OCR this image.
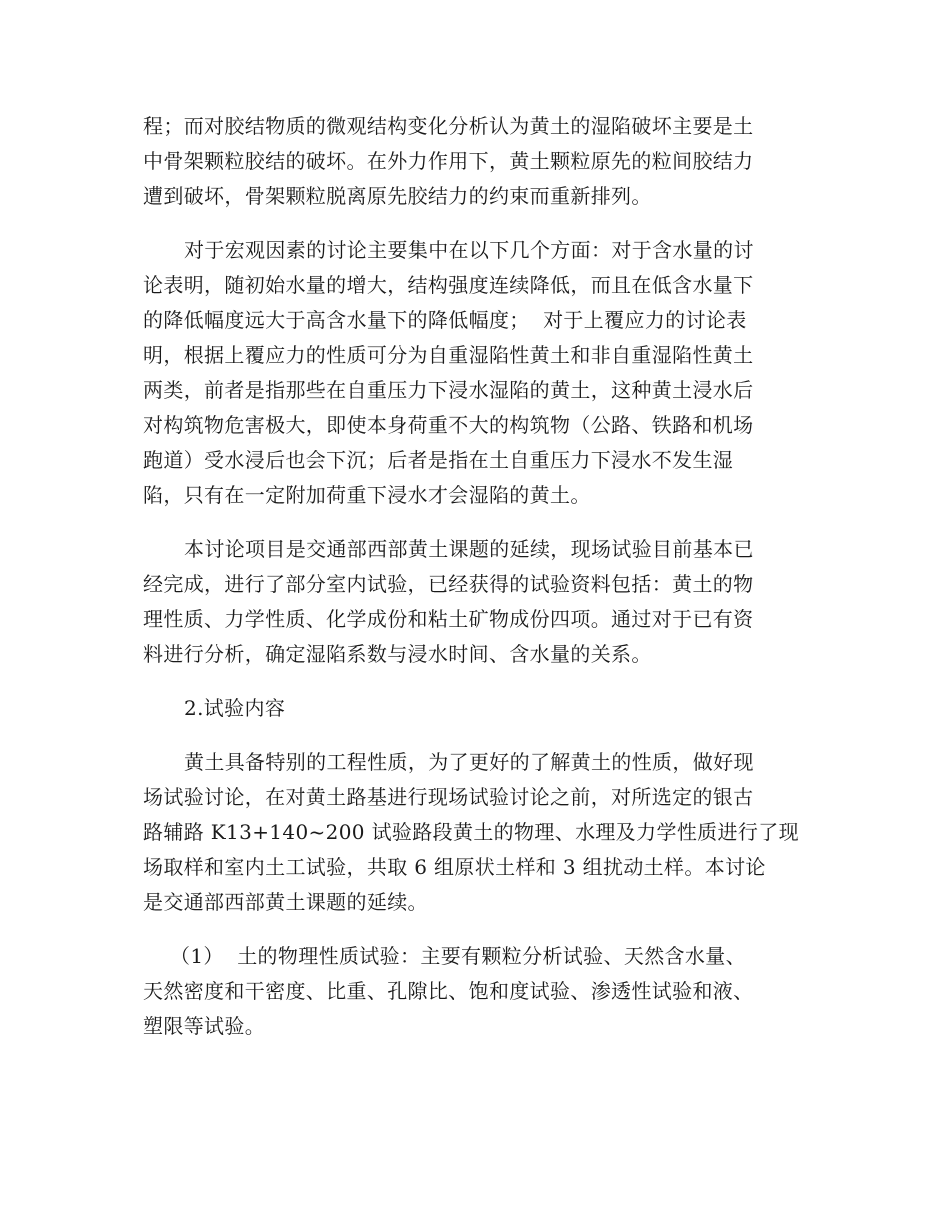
程；而对胶结物质的微观结构变化分析认为黄土的湿陷破坏主要是土
中骨架颗粒胶结的破坏。在外力作用下，黄土颗粒原先的粒间胶结力
遭到破坏，骨架颗粒脱离原先胶结力的约束而重新排列。
对于宏观因素的讨论主要集中在以下几个方面：对于含水量的讨
论表明，随初始水量的增大，结构强度连续降低，而且在低含水量下
的降低幅度远大于高含水量下的降低幅度；  对于上覆应力的讨论表
明，根据上覆应力的性质可分为自重湿陷性黄土和非自重湿陷性黄土
两类，前者是指那些在自重压力下浸水湿陷的黄土，这种黄土浸水后
对构筑物危害极大，即使本身荷重不大的构筑物（公路、铁路和机场
跑道）受水浸后也会下沉；后者是指在土自重压力下浸水不发生湿
陷，只有在一定附加荷重下浸水才会湿陷的黄土。
本讨论项目是交通部西部黄土课题的延续，现场试验目前基本已
经完成，进行了部分室内试验，已经获得的试验资料包括：黄土的物
理性质、力学性质、化学成份和粘土矿物成份四项。通过对于已有资
料进行分析，确定湿陷系数与浸水时间、含水量的关系。
2.试验内容
黄土具备特别的工程性质，为了更好的了解黄土的性质，做好现
场试验讨论，在对黄土路基进行现场试验讨论之前，对所选定的银古
路辅路 K13+140~200 试验路段黄土的物理、水理及力学性质进行了现
场取样和室内土工试验，共取 6 组原状土样和 3 组扰动土样。本讨论
是交通部西部黄土课题的延续。
（1）  土的物理性质试验：主要有颗粒分析试验、天然含水量、
天然密度和干密度、比重、孔隙比、饱和度试验、渗透性试验和液、
塑限等试验。
